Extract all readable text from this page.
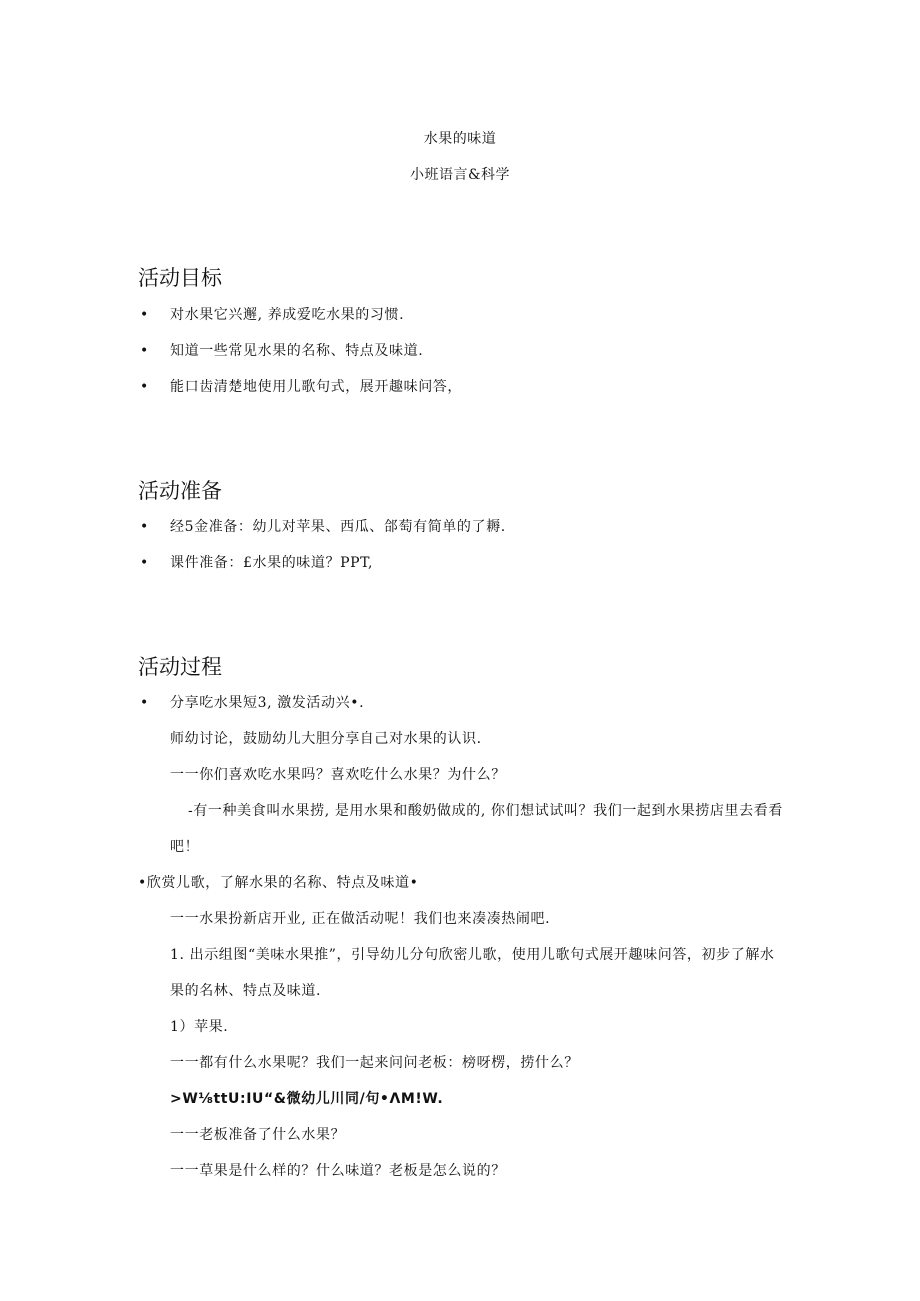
水果的味道
小班语言&科学
活动目标
• 对水果它兴邂, 养成爱吃水果的习惯.
• 知道一些常见水果的名称、特点及味道.
• 能口齿清楚地使用儿歌句式，展开趣味问答，
活动准备
• 经5金准备：幼儿对苹果、西瓜、郃萄有简单的了耨.
• 课件准备：£水果的味道？PPT,
活动过程
• 分享吃水果短3, 激发活动兴•.
师幼讨论，鼓励幼儿大胆分享自己对水果的认识.
一一你们喜欢吃水果吗？喜欢吃什么水果？为什么？
-有一种美食叫水果捞, 是用水果和酸奶做成的, 你们想试试叫？我们一起到水果捞店里去看看
吧！
•欣赏儿歌，了解水果的名称、特点及味道•
一一水果扮新店开业, 正在做活动呢！我们也来凑凑热闹吧.
1. 出示组图“美味水果推”，引导幼儿分句欣密儿歌，使用儿歌句式展开趣味问答，初步了解水
果的名林、特点及味道.
1）苹果.
一一都有什么水果呢？我们一起来问问老板：榜呀楞，捞什么？
>W⅛ttU:IU“&微幼儿川同/句•ΛM!W.
一一老板准备了什么水果？
一一草果是什么样的？什么味道？老板是怎么说的？
